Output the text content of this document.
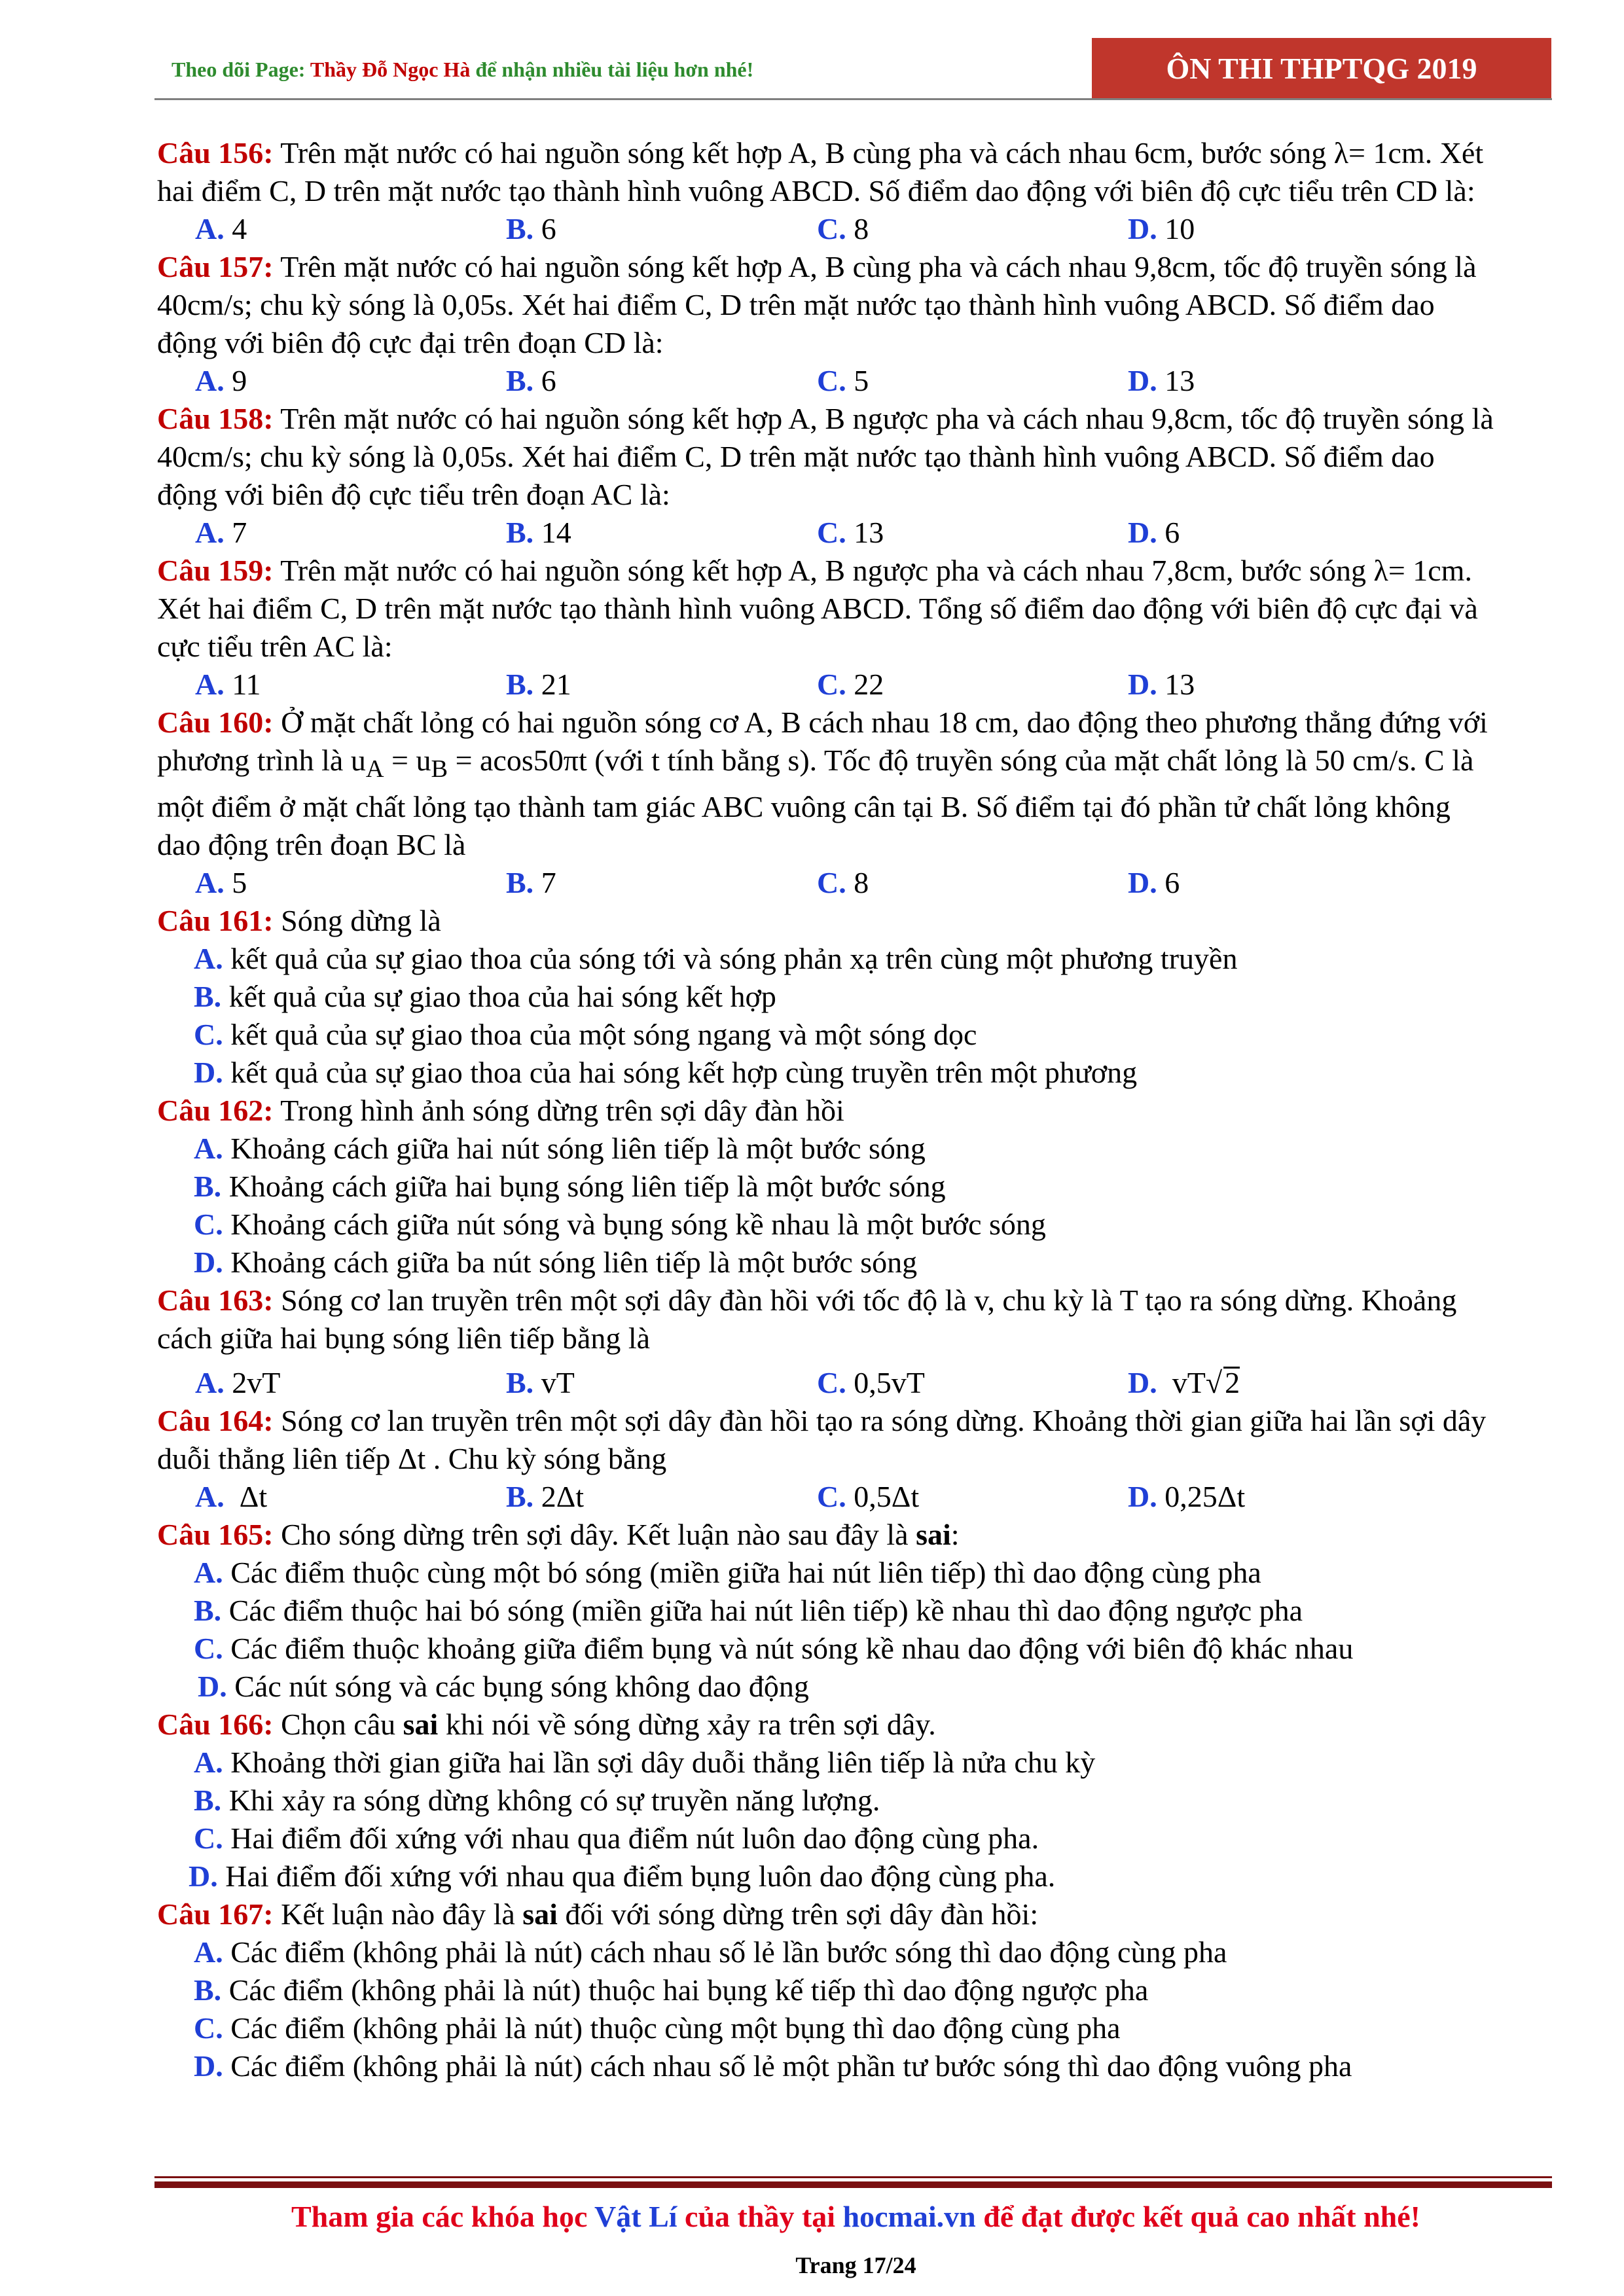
Theo dõi Page: Thầy Đỗ Ngọc Hà để nhận nhiều tài liệu hơn nhé!	ÔN THI THPTQG 2019
Câu 156: Trên mặt nước có hai nguồn sóng kết hợp A, B cùng pha và cách nhau 6cm, bước sóng λ= 1cm. Xét hai điểm C, D trên mặt nước tạo thành hình vuông ABCD. Số điểm dao động với biên độ cực tiểu trên CD là:
A. 4	B. 6	C. 8	D. 10
Câu 157: Trên mặt nước có hai nguồn sóng kết hợp A, B cùng pha và cách nhau 9,8cm, tốc độ truyền sóng là 40cm/s; chu kỳ sóng là 0,05s. Xét hai điểm C, D trên mặt nước tạo thành hình vuông ABCD. Số điểm dao động với biên độ cực đại trên đoạn CD là:
A. 9	B. 6	C. 5	D. 13
Câu 158: Trên mặt nước có hai nguồn sóng kết hợp A, B ngược pha và cách nhau 9,8cm, tốc độ truyền sóng là 40cm/s; chu kỳ sóng là 0,05s. Xét hai điểm C, D trên mặt nước tạo thành hình vuông ABCD. Số điểm dao động với biên độ cực tiểu trên đoạn AC là:
A. 7	B. 14	C. 13	D. 6
Câu 159: Trên mặt nước có hai nguồn sóng kết hợp A, B ngược pha và cách nhau 7,8cm, bước sóng λ= 1cm. Xét hai điểm C, D trên mặt nước tạo thành hình vuông ABCD. Tổng số điểm dao động với biên độ cực đại và cực tiểu trên AC là:
A. 11	B. 21	C. 22	D. 13
Câu 160: Ở mặt chất lỏng có hai nguồn sóng cơ A, B cách nhau 18 cm, dao động theo phương thẳng đứng với phương trình là $u_A = u_B = acos50\pi t$ (với t tính bằng s). Tốc độ truyền sóng của mặt chất lỏng là 50 cm/s. C là một điểm ở mặt chất lỏng tạo thành tam giác ABC vuông cân tại B. Số điểm tại đó phần tử chất lỏng không dao động trên đoạn BC là
A. 5	B. 7	C. 8	D. 6
Câu 161: Sóng dừng là
A. kết quả của sự giao thoa của sóng tới và sóng phản xạ trên cùng một phương truyền
B. kết quả của sự giao thoa của hai sóng kết hợp
C. kết quả của sự giao thoa của một sóng ngang và một sóng dọc
D. kết quả của sự giao thoa của hai sóng kết hợp cùng truyền trên một phương
Câu 162: Trong hình ảnh sóng dừng trên sợi dây đàn hồi
A. Khoảng cách giữa hai nút sóng liên tiếp là một bước sóng
B. Khoảng cách giữa hai bụng sóng liên tiếp là một bước sóng
C. Khoảng cách giữa nút sóng và bụng sóng kề nhau là một bước sóng
D. Khoảng cách giữa ba nút sóng liên tiếp là một bước sóng
Câu 163: Sóng cơ lan truyền trên một sợi dây đàn hồi với tốc độ là v, chu kỳ là T tạo ra sóng dừng. Khoảng cách giữa hai bụng sóng liên tiếp bằng là
A. 2vT	B. vT	C. 0,5vT	D. vT√2
Câu 164: Sóng cơ lan truyền trên một sợi dây đàn hồi tạo ra sóng dừng. Khoảng thời gian giữa hai lần sợi dây duỗi thẳng liên tiếp Δt . Chu kỳ sóng bằng
A. Δt	B. 2Δt	C. 0,5Δt	D. 0,25Δt
Câu 165: Cho sóng dừng trên sợi dây. Kết luận nào sau đây là sai:
A. Các điểm thuộc cùng một bó sóng (miền giữa hai nút liên tiếp) thì dao động cùng pha
B. Các điểm thuộc hai bó sóng (miền giữa hai nút liên tiếp) kề nhau thì dao động ngược pha
C. Các điểm thuộc khoảng giữa điểm bụng và nút sóng kề nhau dao động với biên độ khác nhau
D. Các nút sóng và các bụng sóng không dao động
Câu 166: Chọn câu sai khi nói về sóng dừng xảy ra trên sợi dây.
A. Khoảng thời gian giữa hai lần sợi dây duỗi thẳng liên tiếp là nửa chu kỳ
B. Khi xảy ra sóng dừng không có sự truyền năng lượng.
C. Hai điểm đối xứng với nhau qua điểm nút luôn dao động cùng pha.
D. Hai điểm đối xứng với nhau qua điểm bụng luôn dao động cùng pha.
Câu 167: Kết luận nào đây là sai đối với sóng dừng trên sợi dây đàn hồi:
A. Các điểm (không phải là nút) cách nhau số lẻ lần bước sóng thì dao động cùng pha
B. Các điểm (không phải là nút) thuộc hai bụng kế tiếp thì dao động ngược pha
C. Các điểm (không phải là nút) thuộc cùng một bụng thì dao động cùng pha
D. Các điểm (không phải là nút) cách nhau số lẻ một phần tư bước sóng thì dao động vuông pha
Tham gia các khóa học Vật Lí của thầy tại hocmai.vn để đạt được kết quả cao nhất nhé!
Trang 17/24
